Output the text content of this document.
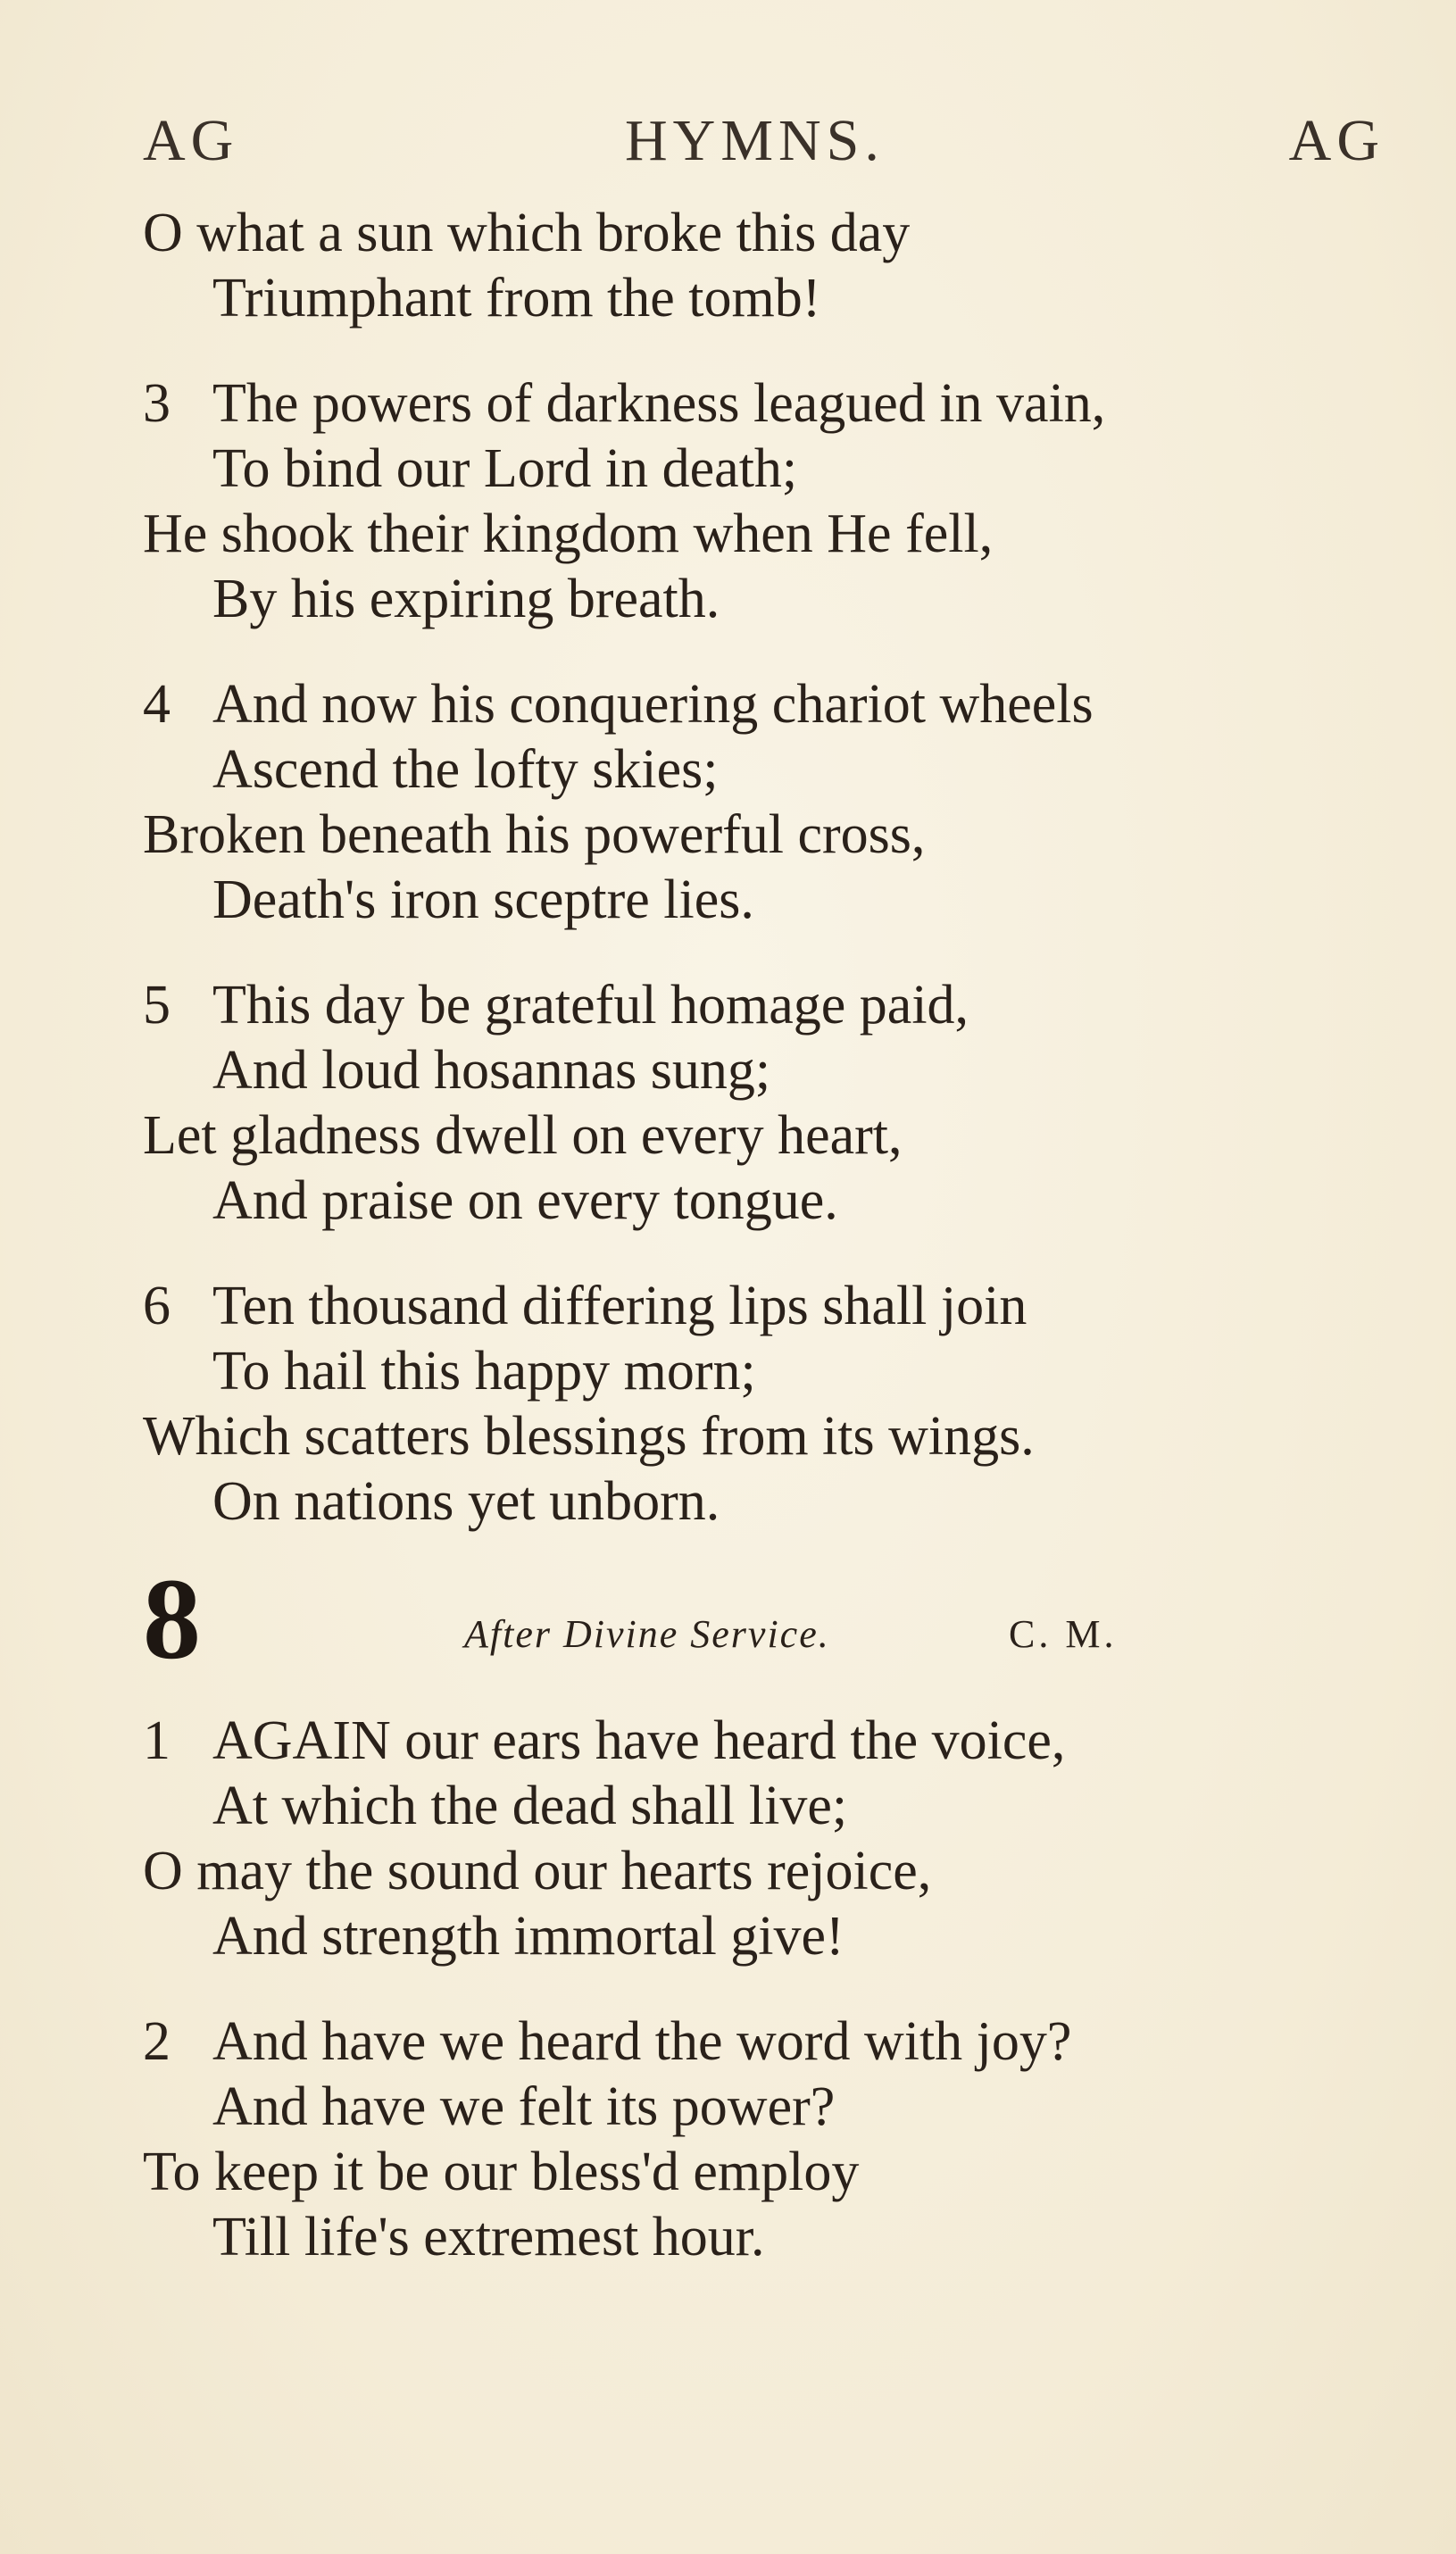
AG	HYMNS.	AG
O what a sun which broke this day
Triumphant from the tomb!
3 The powers of darkness leagued in vain,
To bind our Lord in death;
He shook their kingdom when He fell,
By his expiring breath.
4 And now his conquering chariot wheels
Ascend the lofty skies;
Broken beneath his powerful cross,
Death's iron sceptre lies.
5 This day be grateful homage paid,
And loud hosannas sung;
Let gladness dwell on every heart,
And praise on every tongue.
6 Ten thousand differing lips shall join
To hail this happy morn;
Which scatters blessings from its wings.
On nations yet unborn.
8	After Divine Service.	C. M.
1 AGAIN our ears have heard the voice,
At which the dead shall live;
O may the sound our hearts rejoice,
And strength immortal give!
2 And have we heard the word with joy?
And have we felt its power?
To keep it be our bless'd employ
Till life's extremest hour.
